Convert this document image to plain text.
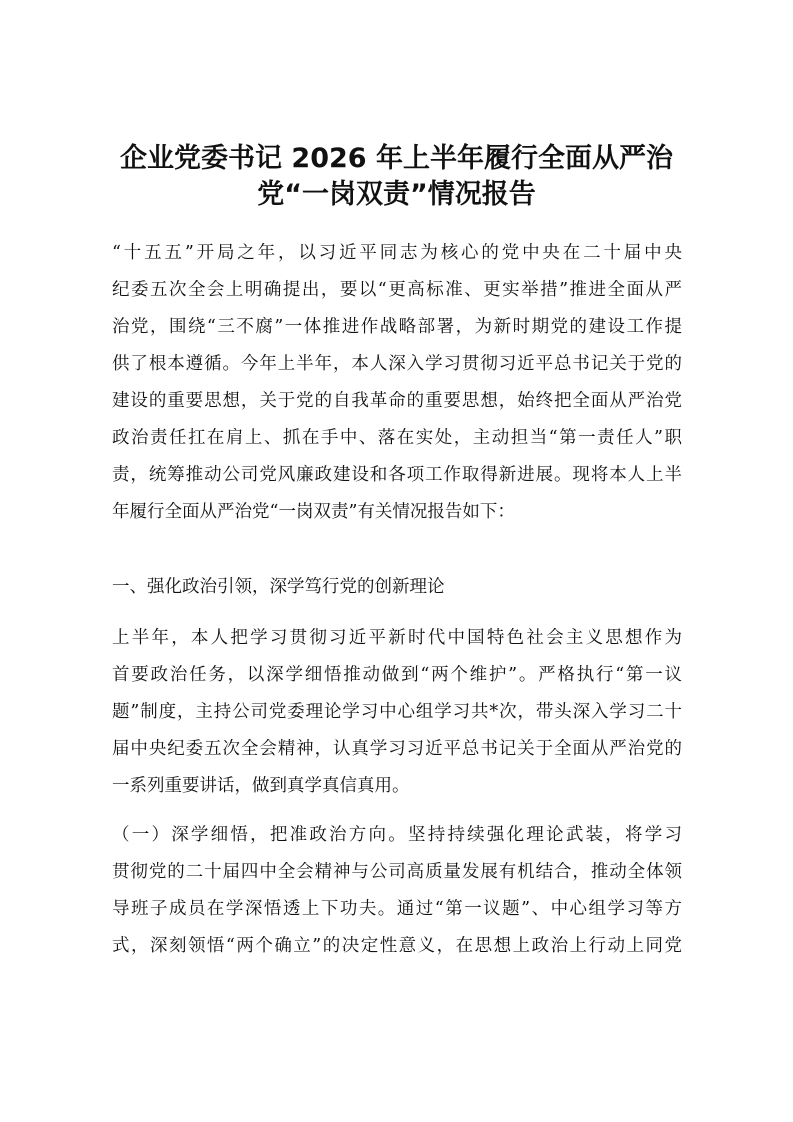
企业党委书记 2026 年上半年履行全面从严治
党“一岗双责”情况报告
“十五五”开局之年，以习近平同志为核心的党中央在二十届中央
纪委五次全会上明确提出，要以“更高标准、更实举措”推进全面从严
治党，围绕“三不腐”一体推进作战略部署，为新时期党的建设工作提
供了根本遵循。今年上半年，本人深入学习贯彻习近平总书记关于党的
建设的重要思想，关于党的自我革命的重要思想，始终把全面从严治党
政治责任扛在肩上、抓在手中、落在实处，主动担当“第一责任人”职
责，统筹推动公司党风廉政建设和各项工作取得新进展。现将本人上半
年履行全面从严治党“一岗双责”有关情况报告如下：
一、强化政治引领，深学笃行党的创新理论
上半年，本人把学习贯彻习近平新时代中国特色社会主义思想作为
首要政治任务，以深学细悟推动做到“两个维护”。严格执行“第一议
题”制度，主持公司党委理论学习中心组学习共*次，带头深入学习二十
届中央纪委五次全会精神，认真学习习近平总书记关于全面从严治党的
一系列重要讲话，做到真学真信真用。
（一）深学细悟，把准政治方向。坚持持续强化理论武装，将学习
贯彻党的二十届四中全会精神与公司高质量发展有机结合，推动全体领
导班子成员在学深悟透上下功夫。通过“第一议题”、中心组学习等方
式，深刻领悟“两个确立”的决定性意义，在思想上政治上行动上同党
